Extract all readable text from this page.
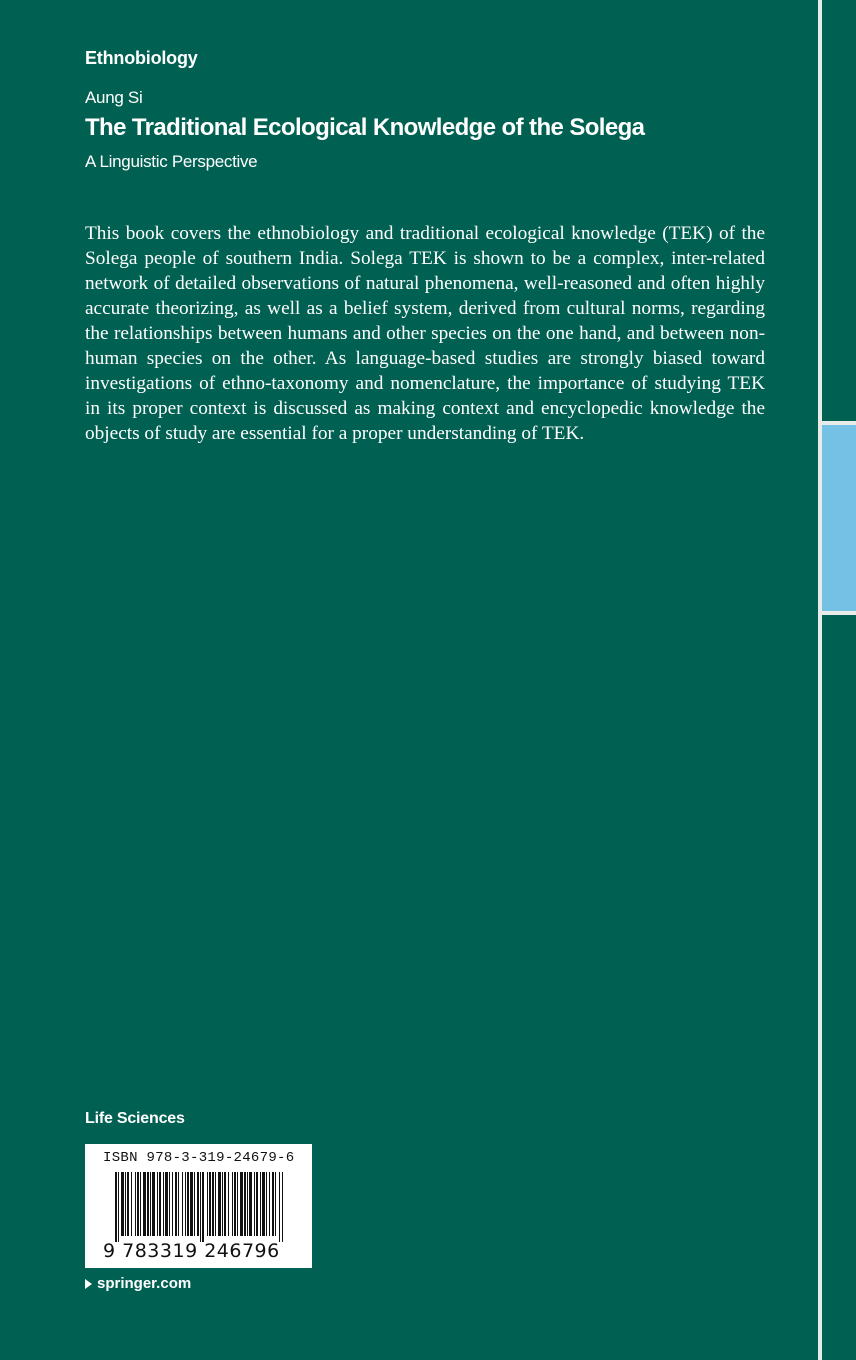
Ethnobiology
Aung Si
The Traditional Ecological Knowledge of the Solega
A Linguistic Perspective

This book covers the ethnobiology and traditional ecological knowledge (TEK) of the Solega people of southern India. Solega TEK is shown to be a complex, inter-related network of detailed observations of natural phenomena, well-reasoned and often highly accurate theorizing, as well as a belief system, derived from cultural norms, regarding the relationships between humans and other species on the one hand, and between non-human species on the other. As language-based studies are strongly biased toward investigations of ethno-taxonomy and nomenclature, the importance of studying TEK in its proper context is discussed as making context and encyclopedic knowledge the objects of study are essential for a proper understanding of TEK.

Life Sciences
ISBN 978-3-319-24679-6
9 783319 246796
springer.com
